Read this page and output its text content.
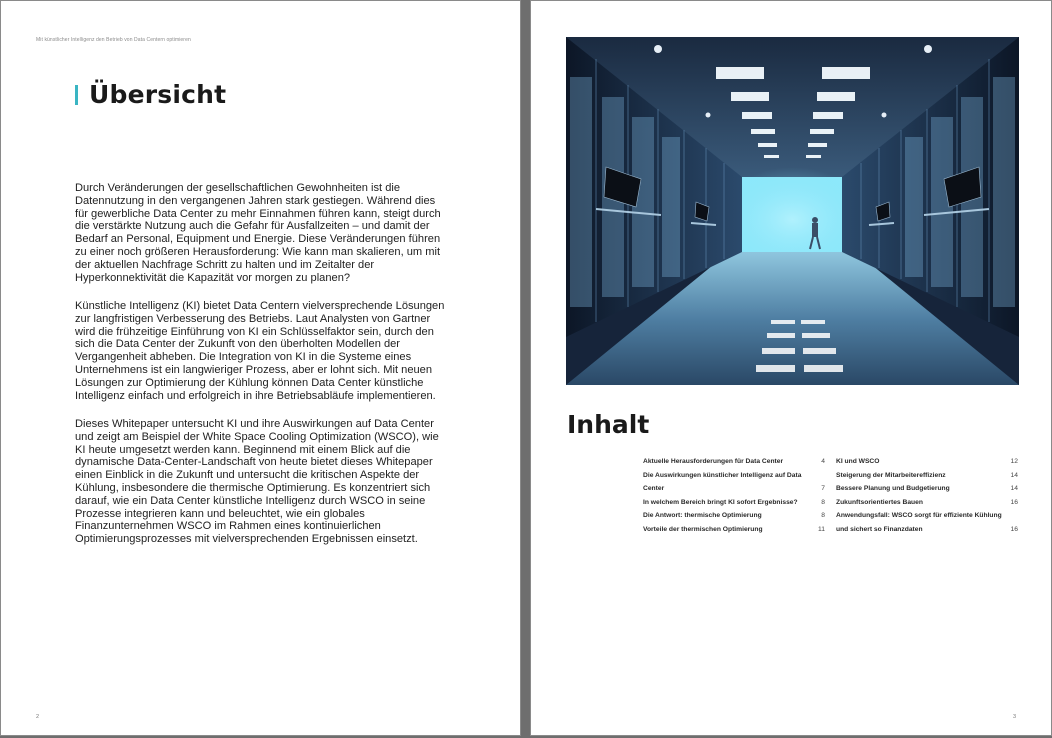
Mit künstlicher Intelligenz den Betrieb von Data Centern optimieren
Übersicht

Durch Veränderungen der gesellschaftlichen Gewohnheiten ist die Datennutzung in den vergangenen Jahren stark gestiegen. Während dies für gewerbliche Data Center zu mehr Einnahmen führen kann, steigt durch die verstärkte Nutzung auch die Gefahr für Ausfallzeiten – und damit der Bedarf an Personal, Equipment und Energie. Diese Veränderungen führen zu einer noch größeren Herausforderung: Wie kann man skalieren, um mit der aktuellen Nachfrage Schritt zu halten und im Zeitalter der Hyperkonnektivität die Kapazität vor morgen zu planen?

Künstliche Intelligenz (KI) bietet Data Centern vielversprechende Lösungen zur langfristigen Verbesserung des Betriebs. Laut Analysten von Gartner wird die frühzeitige Einführung von KI ein Schlüsselfaktor sein, durch den sich die Data Center der Zukunft von den überholten Modellen der Vergangenheit abheben. Die Integration von KI in die Systeme eines Unternehmens ist ein langwieriger Prozess, aber er lohnt sich. Mit neuen Lösungen zur Optimierung der Kühlung können Data Center künstliche Intelligenz einfach und erfolgreich in ihre Betriebsabläufe implementieren.

Dieses Whitepaper untersucht KI und ihre Auswirkungen auf Data Center und zeigt am Beispiel der White Space Cooling Optimization (WSCO), wie KI heute umgesetzt werden kann. Beginnend mit einem Blick auf die dynamische Data-Center-Landschaft von heute bietet dieses Whitepaper einen Einblick in die Zukunft und untersucht die kritischen Aspekte der Kühlung, insbesondere die thermische Optimierung. Es konzentriert sich darauf, wie ein Data Center künstliche Intelligenz durch WSCO in seine Prozesse integrieren kann und beleuchtet, wie ein globales Finanzunternehmen WSCO im Rahmen eines kontinuierlichen Optimierungsprozesses mit vielversprechenden Ergebnissen einsetzt.

2
Inhalt
Aktuelle Herausforderungen für Data Center	4
Die Auswirkungen künstlicher Intelligenz auf Data Center	7
In welchem Bereich bringt KI sofort Ergebnisse?	8
Die Antwort: thermische Optimierung	8
Vorteile der thermischen Optimierung	11
KI und WSCO	12
Steigerung der Mitarbeitereffizienz	14
Bessere Planung und Budgetierung	14
Zukunftsorientiertes Bauen	16
Anwendungsfall: WSCO sorgt für effiziente Kühlung und sichert so Finanzdaten	16
3
